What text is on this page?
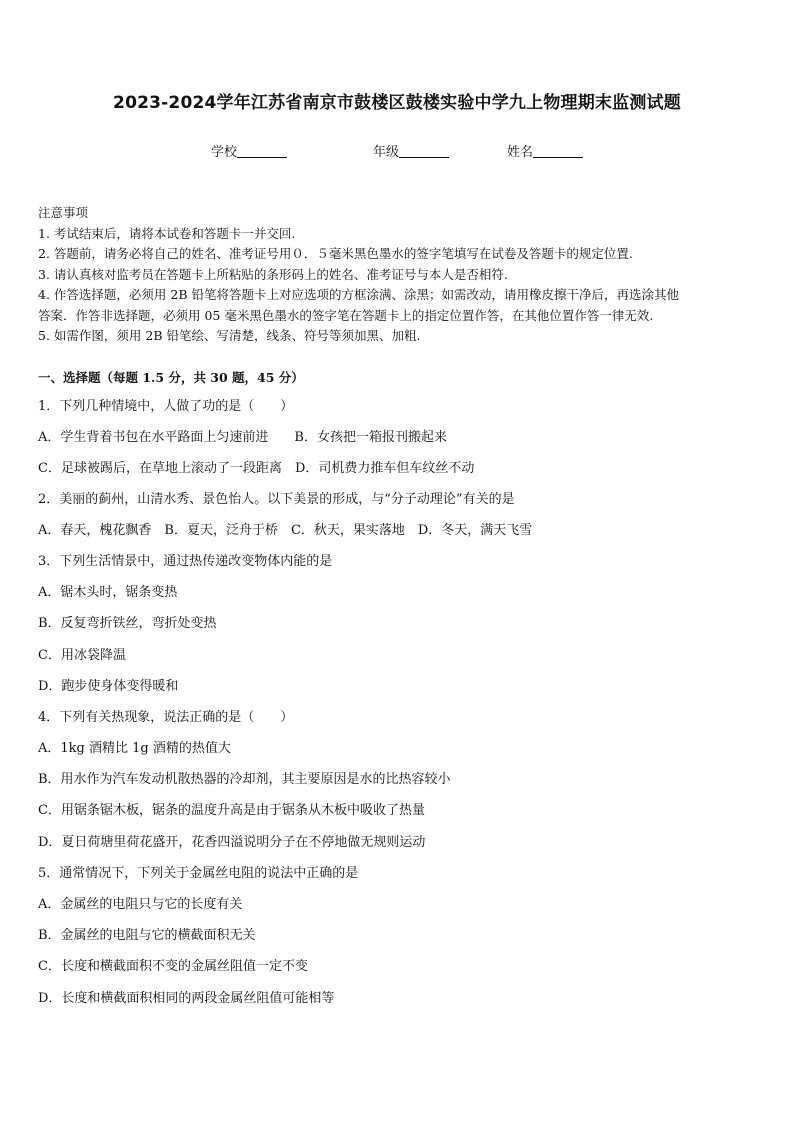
2023-2024学年江苏省南京市鼓楼区鼓楼实验中学九上物理期末监测试题
学校	年级	姓名
注意事项
1. 考试结束后，请将本试卷和答题卡一并交回.
2. 答题前，请务必将自己的姓名、准考证号用０．５毫米黑色墨水的签字笔填写在试卷及答题卡的规定位置.
3. 请认真核对监考员在答题卡上所粘贴的条形码上的姓名、准考证号与本人是否相符.
4. 作答选择题，必须用 2B 铅笔将答题卡上对应选项的方框涂满、涂黑；如需改动，请用橡皮擦干净后，再选涂其他
答案．作答非选择题，必须用 05 毫米黑色墨水的签字笔在答题卡上的指定位置作答，在其他位置作答一律无效.
5. 如需作图，须用 2B 铅笔绘、写清楚，线条、符号等须加黑、加粗.
一、选择题（每题 1.5 分，共 30 题，45 分）
1．下列几种情境中，人做了功的是（　　）
A．学生背着书包在水平路面上匀速前进　　B．女孩把一箱报刊搬起来
C．足球被踢后，在草地上滚动了一段距离　D．司机费力推车但车纹丝不动
2．美丽的蓟州，山清水秀、景色怡人。以下美景的形成，与“分子动理论”有关的是
A．春天，槐花飘香　B．夏天，泛舟于桥　C．秋天，果实落地　D．冬天，满天飞雪
3．下列生活情景中，通过热传递改变物体内能的是
A．锯木头时，锯条变热
B．反复弯折铁丝，弯折处变热
C．用冰袋降温
D．跑步使身体变得暖和
4．下列有关热现象，说法正确的是（　　）
A．1kg 酒精比 1g 酒精的热值大
B．用水作为汽车发动机散热器的冷却剂，其主要原因是水的比热容较小
C．用锯条锯木板，锯条的温度升高是由于锯条从木板中吸收了热量
D．夏日荷塘里荷花盛开，花香四溢说明分子在不停地做无规则运动
5．通常情况下，下列关于金属丝电阻的说法中正确的是
A．金属丝的电阻只与它的长度有关
B．金属丝的电阻与它的横截面积无关
C．长度和横截面积不变的金属丝阻值一定不变
D．长度和横截面积相同的两段金属丝阻值可能相等
